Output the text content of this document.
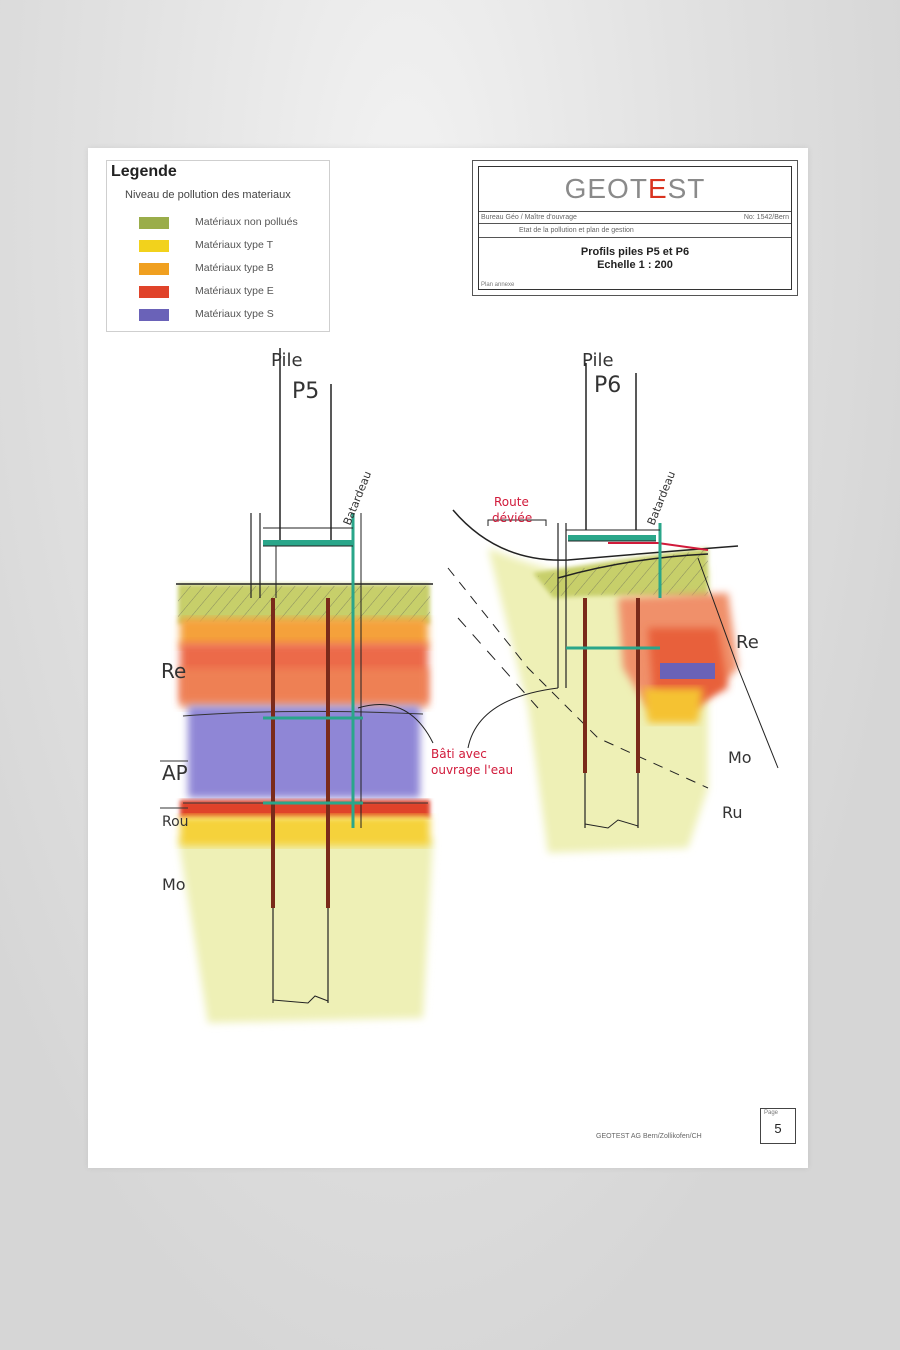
Legende
Niveau de pollution des materiaux
Matériaux non pollués
Matériaux type T
Matériaux type B
Matériaux type E
Matériaux type S
GEOTEST
Bureau Géo / Maître d'ouvrage	No: 1542/Bern
Etat de la pollution et plan de gestion
Profils piles P5 et P6
Echelle 1 : 200
Plan annexe
Pile
P5
Batardeau
Re
AP
Rou
Mo
Bâti avec
ouvrage l'eau
Pile
P6
Batardeau
Route
déviée
Re
Mo
Ru
GEOTEST AG Bern/Zollikofen/CH
Page
5
